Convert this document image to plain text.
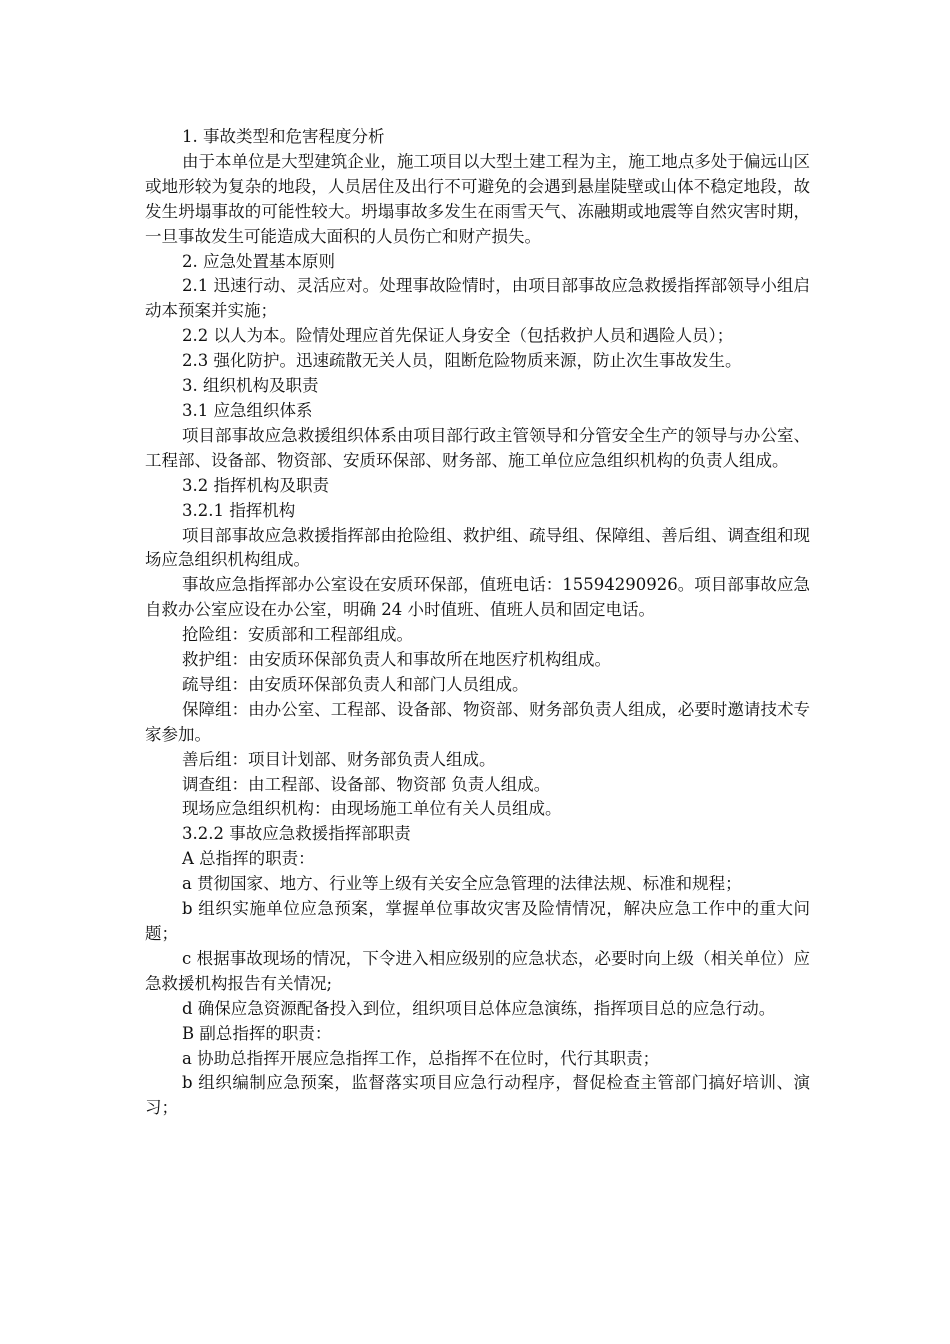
1. 事故类型和危害程度分析

由于本单位是大型建筑企业，施工项目以大型土建工程为主，施工地点多处于偏远山区或地形较为复杂的地段，人员居住及出行不可避免的会遇到悬崖陡壁或山体不稳定地段，故发生坍塌事故的可能性较大。坍塌事故多发生在雨雪天气、冻融期或地震等自然灾害时期，一旦事故发生可能造成大面积的人员伤亡和财产损失。

2. 应急处置基本原则

2.1 迅速行动、灵活应对。处理事故险情时，由项目部事故应急救援指挥部领导小组启动本预案并实施；

2.2 以人为本。险情处理应首先保证人身安全（包括救护人员和遇险人员）；

2.3 强化防护。迅速疏散无关人员，阻断危险物质来源，防止次生事故发生。

3. 组织机构及职责

3.1 应急组织体系

项目部事故应急救援组织体系由项目部行政主管领导和分管安全生产的领导与办公室、工程部、设备部、物资部、安质环保部、财务部、施工单位应急组织机构的负责人组成。

3.2 指挥机构及职责

3.2.1 指挥机构

项目部事故应急救援指挥部由抢险组、救护组、疏导组、保障组、善后组、调查组和现场应急组织机构组成。

事故应急指挥部办公室设在安质环保部，值班电话：15594290926。项目部事故应急自救办公室应设在办公室，明确 24 小时值班、值班人员和固定电话。

抢险组：安质部和工程部组成。

救护组：由安质环保部负责人和事故所在地医疗机构组成。

疏导组：由安质环保部负责人和部门人员组成。

保障组：由办公室、工程部、设备部、物资部、财务部负责人组成，必要时邀请技术专家参加。

善后组：项目计划部、财务部负责人组成。

调查组：由工程部、设备部、物资部 负责人组成。

现场应急组织机构：由现场施工单位有关人员组成。

3.2.2 事故应急救援指挥部职责

A 总指挥的职责：

a 贯彻国家、地方、行业等上级有关安全应急管理的法律法规、标准和规程；

b 组织实施单位应急预案，掌握单位事故灾害及险情情况，解决应急工作中的重大问题；

c 根据事故现场的情况，下令进入相应级别的应急状态，必要时向上级（相关单位）应急救援机构报告有关情况;

d 确保应急资源配备投入到位，组织项目总体应急演练，指挥项目总的应急行动。

B 副总指挥的职责：

a 协助总指挥开展应急指挥工作，总指挥不在位时，代行其职责；

b 组织编制应急预案，监督落实项目应急行动程序，督促检查主管部门搞好培训、演习；
